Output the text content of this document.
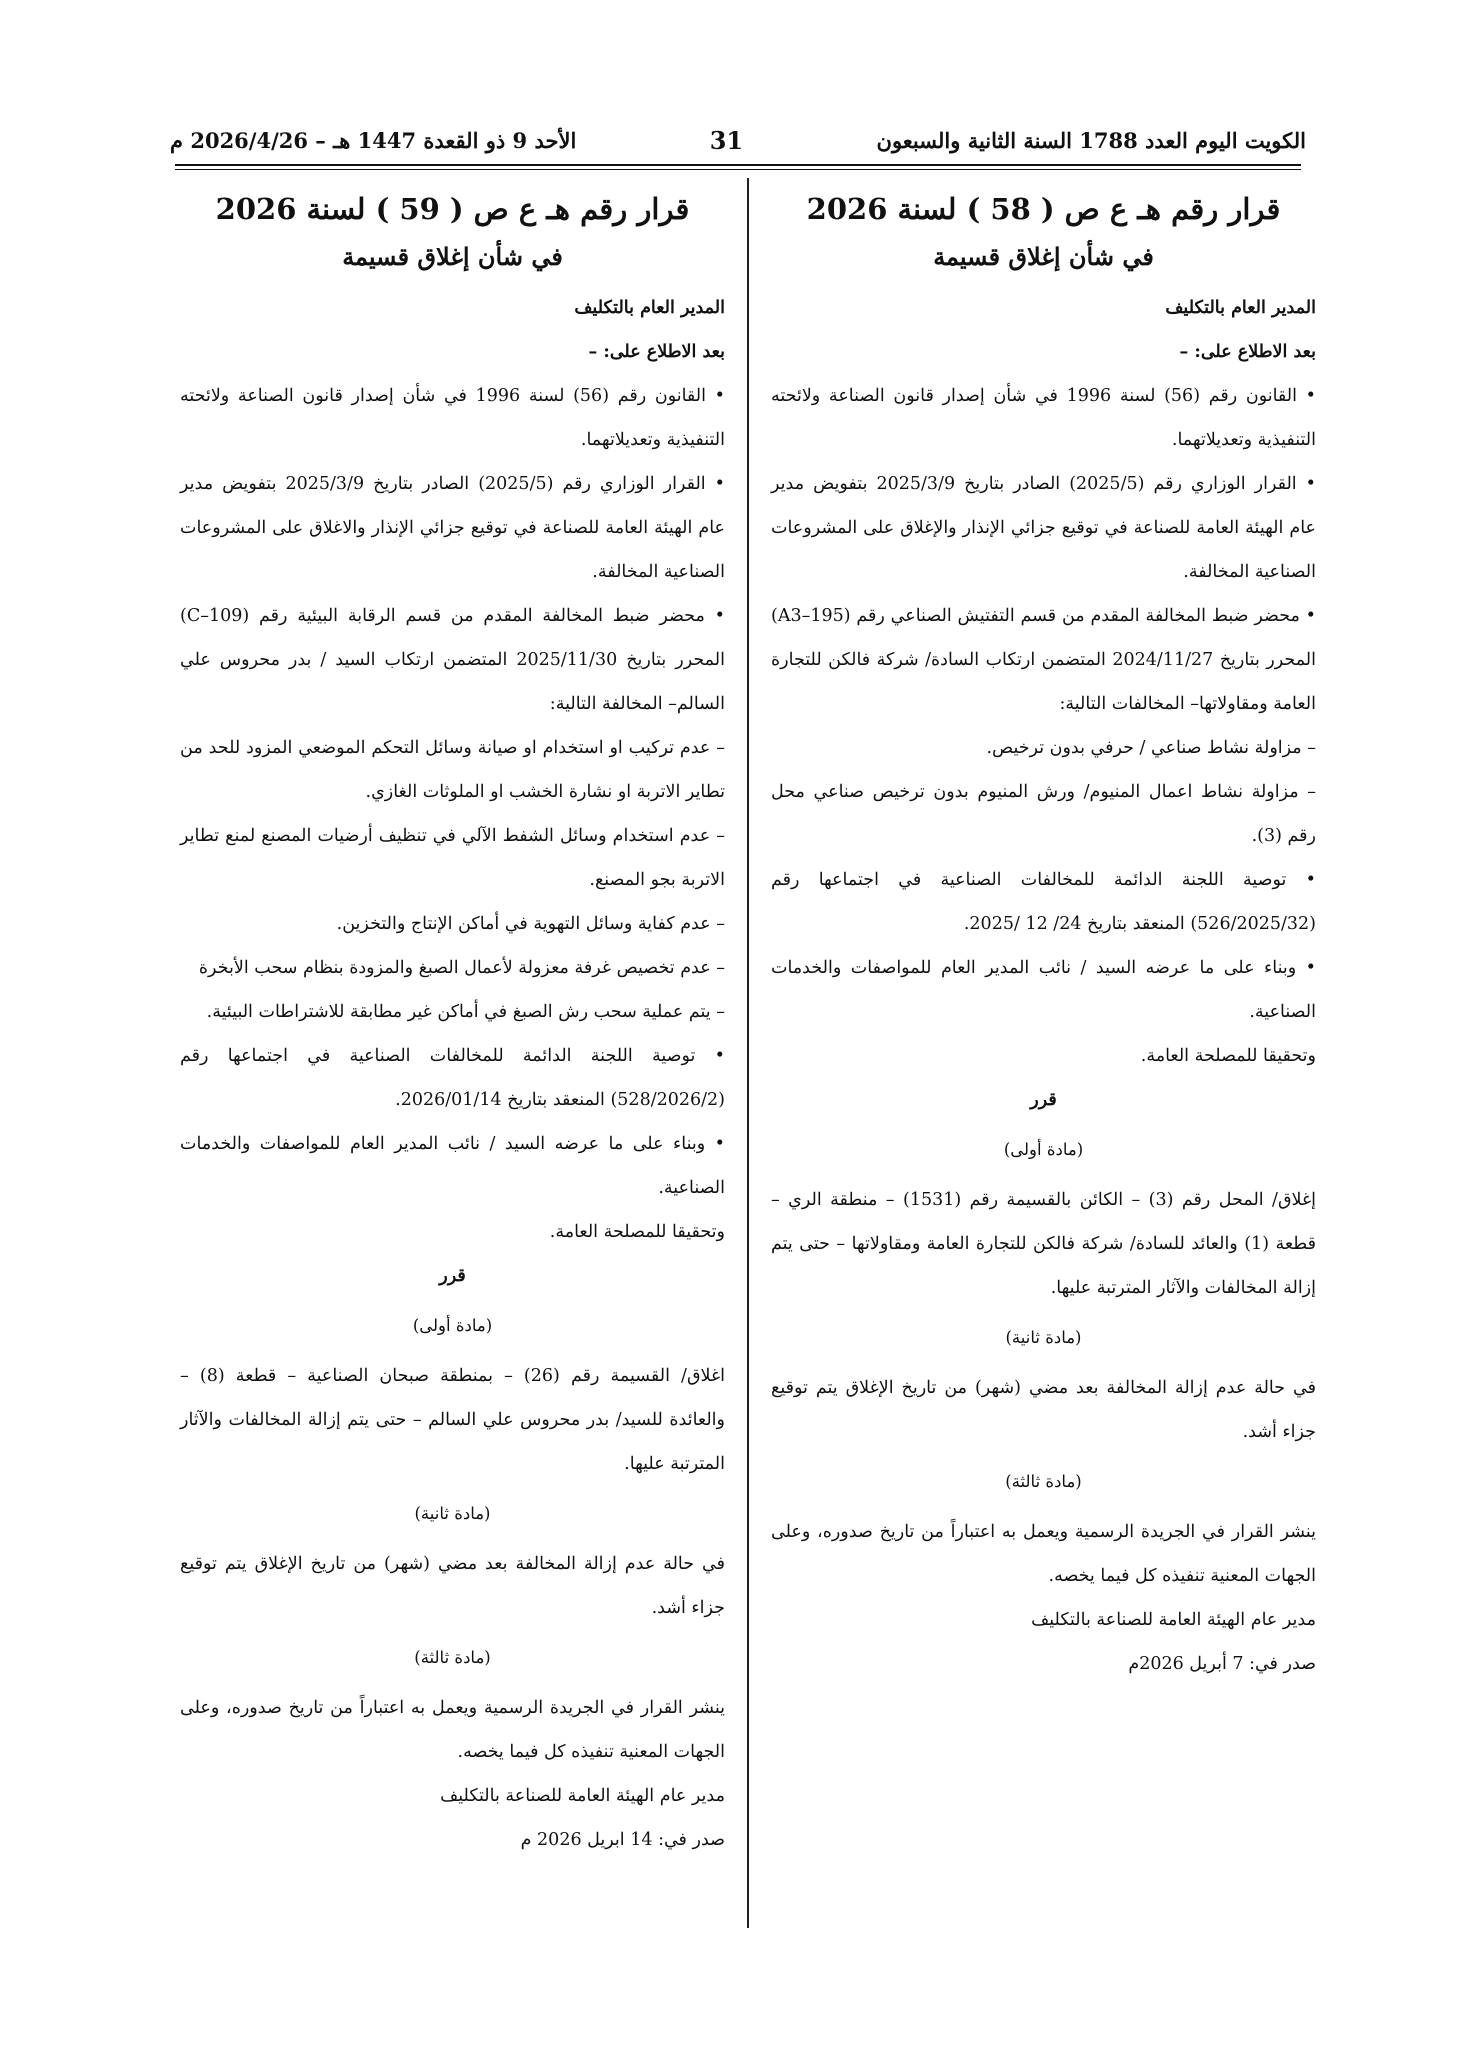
الكويت اليوم العدد 1788 السنة الثانية والسبعون
31
الأحد 9 ذو القعدة 1447 هـ – 2026/4/26 م
قرار رقم هـ ع ص ( 58 ) لسنة 2026
في شأن إغلاق قسيمة

المدير العام بالتكليف

بعد الاطلاع على: –

• القانون رقم (56) لسنة 1996 في شأن إصدار قانون الصناعة ولائحته التنفيذية وتعديلاتهما.

• القرار الوزاري رقم (2025/5) الصادر بتاريخ 2025/3/9 بتفويض مدير عام الهيئة العامة للصناعة في توقيع جزائي الإنذار والإغلاق على المشروعات الصناعية المخالفة.

• محضر ضبط المخالفة المقدم من قسم التفتيش الصناعي رقم (A3–195) المحرر بتاريخ 2024/11/27 المتضمن ارتكاب السادة/ شركة فالكن للتجارة العامة ومقاولاتها– المخالفات التالية:

– مزاولة نشاط صناعي / حرفي بدون ترخيص.

– مزاولة نشاط اعمال المنيوم/ ورش المنيوم بدون ترخيص صناعي محل رقم (3).

• توصية اللجنة الدائمة للمخالفات الصناعية في اجتماعها رقم (526/2025/32) المنعقد بتاريخ 24/ 12 /2025.

• وبناء على ما عرضه السيد / نائب المدير العام للمواصفات والخدمات الصناعية.

وتحقيقا للمصلحة العامة.

قرر

(مادة أولى)

إغلاق/ المحل رقم (3) – الكائن بالقسيمة رقم (1531) – منطقة الري – قطعة (1) والعائد للسادة/ شركة فالكن للتجارة العامة ومقاولاتها – حتى يتم إزالة المخالفات والآثار المترتبة عليها.

(مادة ثانية)

في حالة عدم إزالة المخالفة بعد مضي (شهر) من تاريخ الإغلاق يتم توقيع جزاء أشد.

(مادة ثالثة)

ينشر القرار في الجريدة الرسمية ويعمل به اعتباراً من تاريخ صدوره، وعلى الجهات المعنية تنفيذه كل فيما يخصه.

مدير عام الهيئة العامة للصناعة بالتكليف

صدر في: 7 أبريل 2026م

قرار رقم هـ ع ص ( 59 ) لسنة 2026
في شأن إغلاق قسيمة

المدير العام بالتكليف

بعد الاطلاع على: –

• القانون رقم (56) لسنة 1996 في شأن إصدار قانون الصناعة ولائحته التنفيذية وتعديلاتهما.

• القرار الوزاري رقم (2025/5) الصادر بتاريخ 2025/3/9 بتفويض مدير عام الهيئة العامة للصناعة في توقيع جزائي الإنذار والاغلاق على المشروعات الصناعية المخالفة.

• محضر ضبط المخالفة المقدم من قسم الرقابة البيئية رقم (C–109) المحرر بتاريخ 2025/11/30 المتضمن ارتكاب السيد / بدر محروس علي السالم– المخالفة التالية:

– عدم تركيب او استخدام او صيانة وسائل التحكم الموضعي المزود للحد من تطاير الاتربة او نشارة الخشب او الملوثات الغازي.

– عدم استخدام وسائل الشفط الآلي في تنظيف أرضيات المصنع لمنع تطاير الاتربة بجو المصنع.

– عدم كفاية وسائل التهوية في أماكن الإنتاج والتخزين.

– عدم تخصيص غرفة معزولة لأعمال الصبغ والمزودة بنظام سحب الأبخرة

– يتم عملية سحب رش الصبغ في أماكن غير مطابقة للاشتراطات البيئية.

• توصية اللجنة الدائمة للمخالفات الصناعية في اجتماعها رقم (528/2026/2) المنعقد بتاريخ 2026/01/14.

• وبناء على ما عرضه السيد / نائب المدير العام للمواصفات والخدمات الصناعية.

وتحقيقا للمصلحة العامة.

قرر

(مادة أولى)

اغلاق/ القسيمة رقم (26) – بمنطقة صبحان الصناعية – قطعة (8) – والعائدة للسيد/ بدر محروس علي السالم – حتى يتم إزالة المخالفات والآثار المترتبة عليها.

(مادة ثانية)

في حالة عدم إزالة المخالفة بعد مضي (شهر) من تاريخ الإغلاق يتم توقيع جزاء أشد.

(مادة ثالثة)

ينشر القرار في الجريدة الرسمية ويعمل به اعتباراً من تاريخ صدوره، وعلى الجهات المعنية تنفيذه كل فيما يخصه.

مدير عام الهيئة العامة للصناعة بالتكليف

صدر في: 14 ابريل 2026 م
